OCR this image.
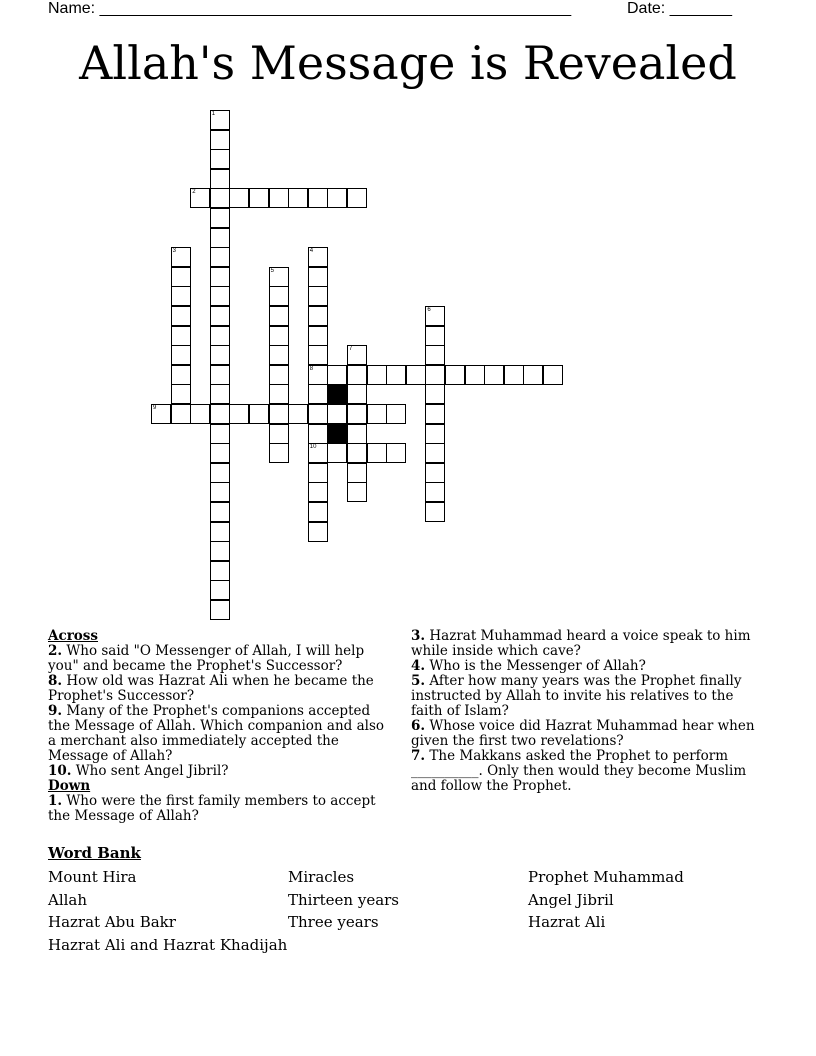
Name: _____________________________________________________

	Date: _______

Allah's Message is Revealed
1
2
3	4
8
10
5
6
7
9
Across
2. Who said "O Messenger of Allah, I will help you" and became the Prophet's Successor?
8. How old was Hazrat Ali when he became the Prophet's Successor?
9. Many of the Prophet's companions accepted the Message of Allah. Which companion and also a merchant also immediately accepted the Message of Allah?
10. Who sent Angel Jibril?
Down
1. Who were the first family members to accept the Message of Allah?
3. Hazrat Muhammad heard a voice speak to him while inside which cave?
4. Who is the Messenger of Allah?
5. After how many years was the Prophet finally instructed by Allah to invite his relatives to the faith of Islam?
6. Whose voice did Hazrat Muhammad hear when given the first two revelations?
7. The Makkans asked the Prophet to perform __________. Only then would they become Muslim and follow the Prophet.
Word Bank
Mount Hira
Allah
Hazrat Abu Bakr
Hazrat Ali and Hazrat Khadijah
Miracles
Thirteen years
Three years
Prophet Muhammad
Angel Jibril
Hazrat Ali
